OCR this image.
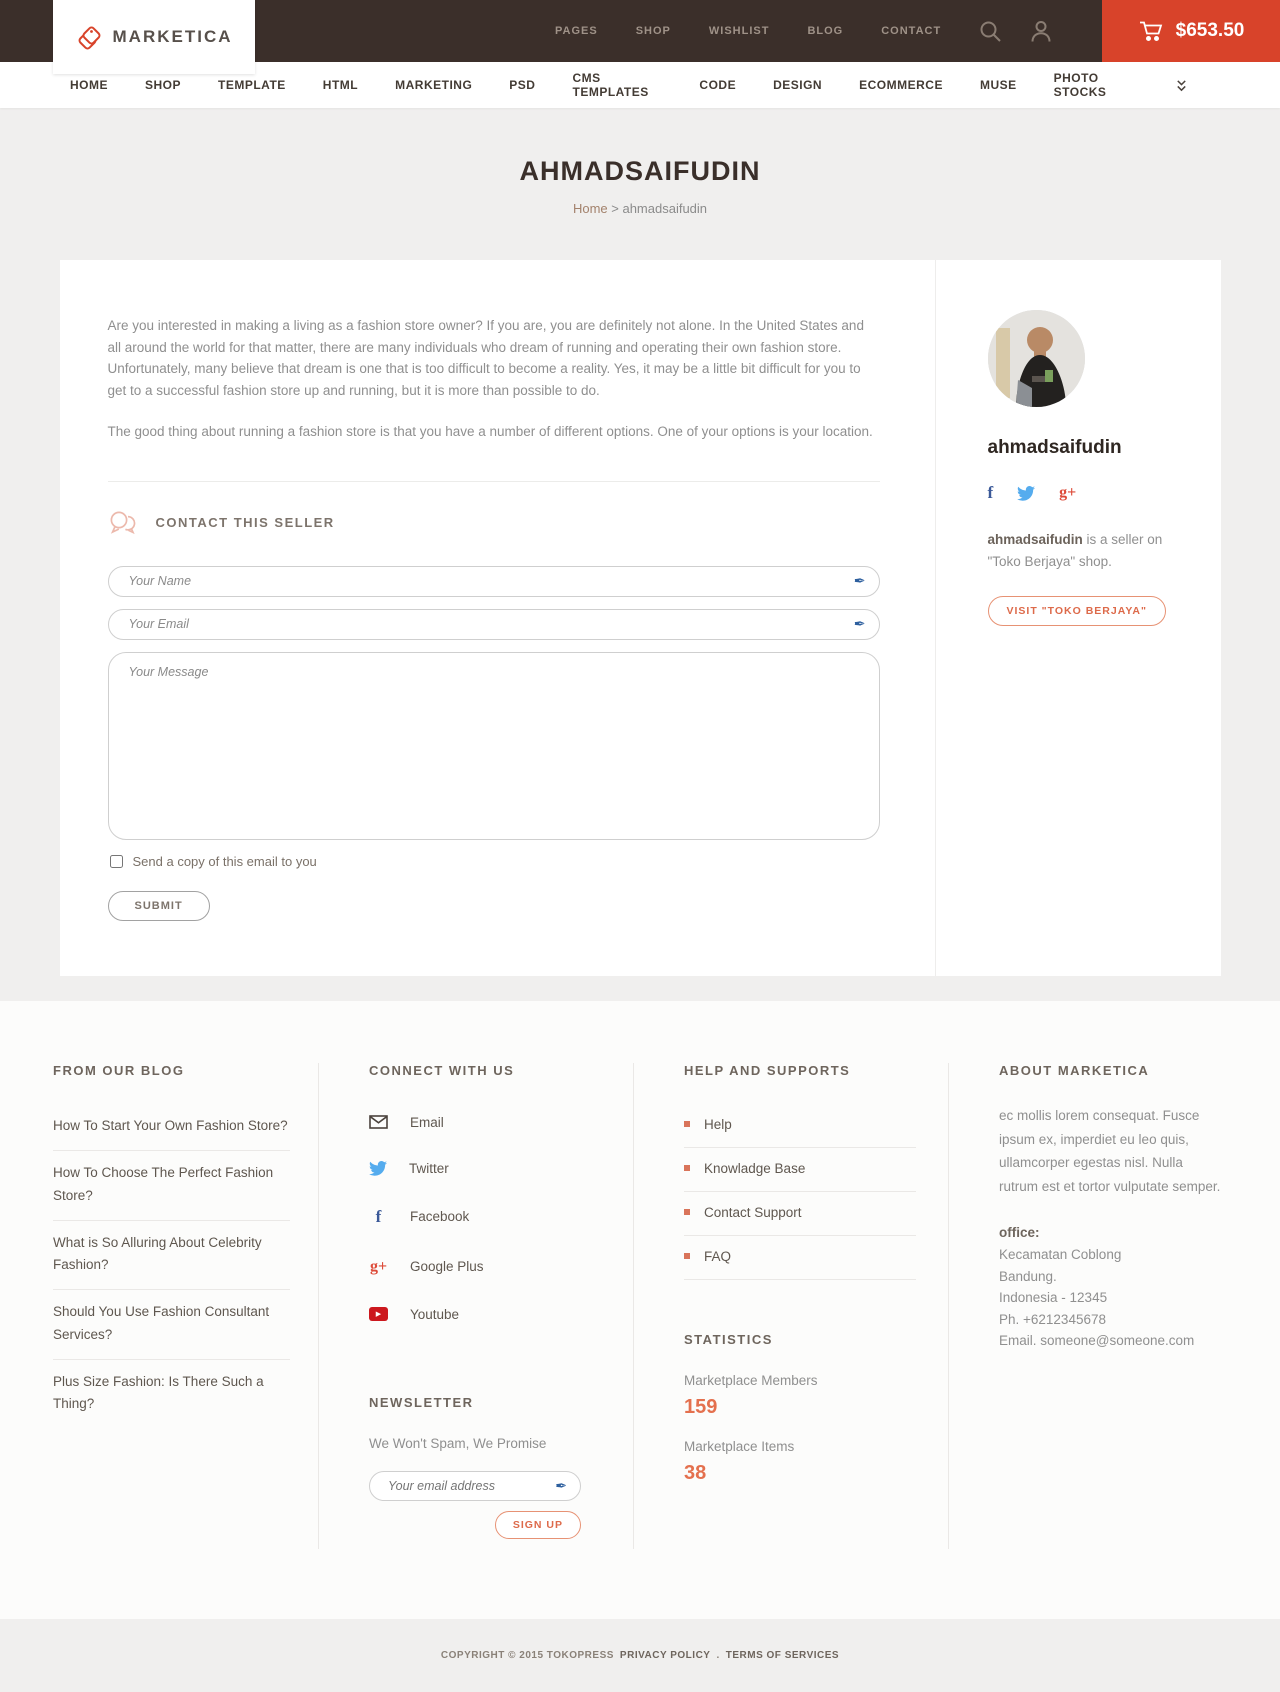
MARKETICA	PAGES	SHOP	WISHLIST	BLOG	CONTACT	$653.50
HOME	SHOP	TEMPLATE	HTML	MARKETING	PSD	CMS TEMPLATES	CODE	DESIGN	ECOMMERCE	MUSE	PHOTO STOCKS
AHMADSAIFUDIN
Home > ahmadsaifudin

Are you interested in making a living as a fashion store owner? If you are, you are definitely not alone. In the United States and all around the world for that matter, there are many individuals who dream of running and operating their own fashion store. Unfortunately, many believe that dream is one that is too difficult to become a reality. Yes, it may be a little bit difficult for you to get to a successful fashion store up and running, but it is more than possible to do.

The good thing about running a fashion store is that you have a number of different options. One of your options is your location.

CONTACT THIS SELLER
Your Name
✒
Your Email
✒
Your Message
Send a copy of this email to you
SUBMIT
ahmadsaifudin
f	g+

ahmadsaifudin is a seller on "Toko Berjaya" shop.

VISIT "TOKO BERJAYA"
FROM OUR BLOG
How To Start Your Own Fashion Store?
How To Choose The Perfect Fashion Store?
What is So Alluring About Celebrity Fashion?
Should You Use Fashion Consultant Services?
Plus Size Fashion: Is There Such a Thing?
CONNECT WITH US
Email
Twitter
f	Facebook
g+ Google Plus
▶ Youtube
NEWSLETTER
We Won't Spam, We Promise
Your email address
✒
SIGN UP
HELP AND SUPPORTS
Help
Knowladge Base
Contact Support
FAQ
STATISTICS
Marketplace Members
159
Marketplace Items
38
ABOUT MARKETICA

ec mollis lorem consequat. Fusce ipsum ex, imperdiet eu leo quis, ullamcorper egestas nisl. Nulla rutrum est et tortor vulputate semper.

office:
Kecamatan Coblong
Bandung.
Indonesia - 12345
Ph. +6212345678
Email. someone@someone.com
COPYRIGHT © 2015 TOKOPRESS PRIVACY POLICY . TERMS OF SERVICES
